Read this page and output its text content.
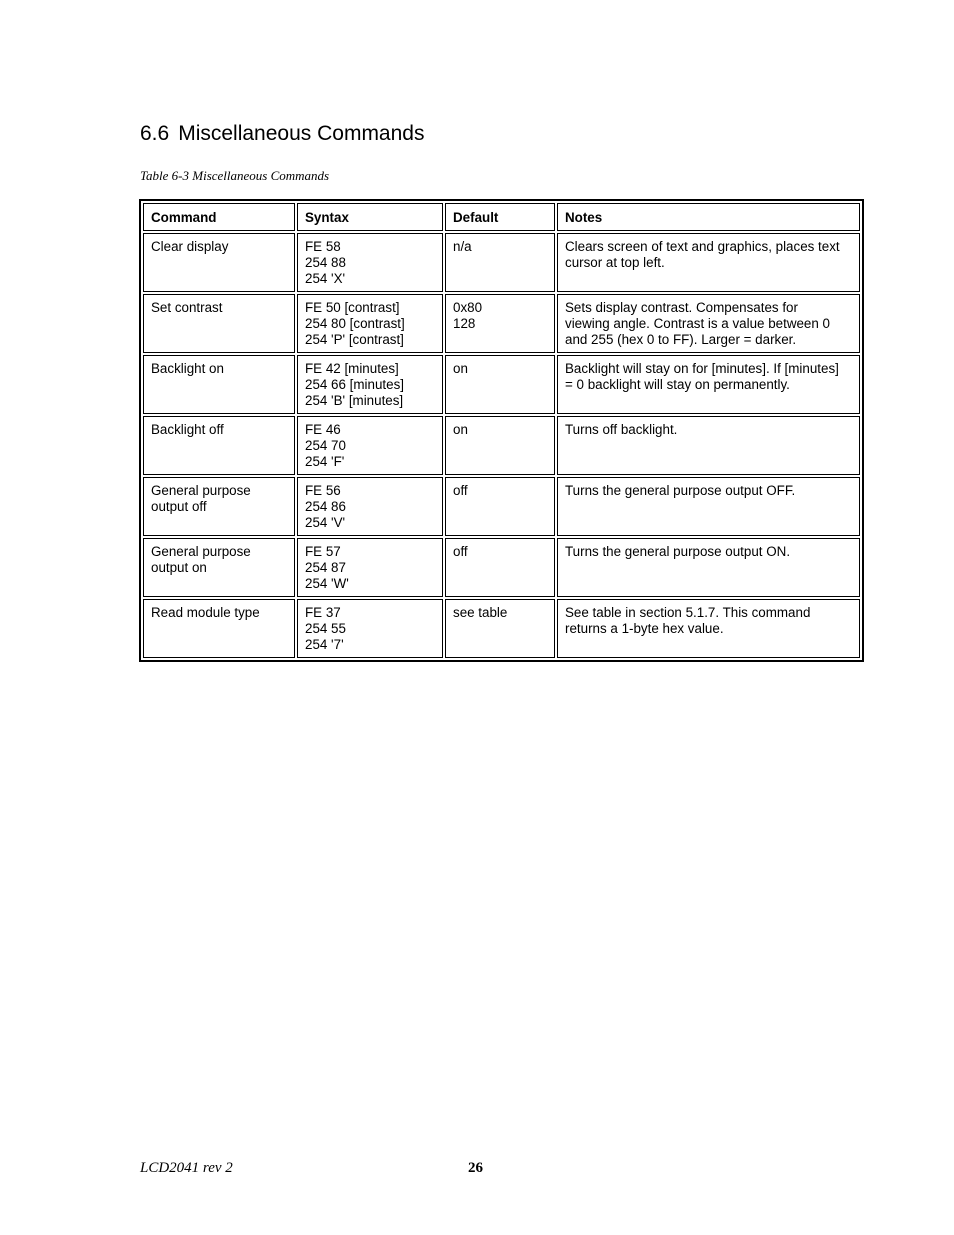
6.6 Miscellaneous Commands
Table 6-3 Miscellaneous Commands
Command	Syntax	Default	Notes

Clear display	FE 58
254 88
254 'X'	n/a	Clears screen of text and graphics, places text
cursor at top left.

Set contrast	FE 50 [contrast]
254 80 [contrast]
254 'P' [contrast]	0x80
128	Sets display contrast. Compensates for
viewing angle. Contrast is a value between 0
and 255 (hex 0 to FF). Larger = darker.

Backlight on	FE 42 [minutes]
254 66 [minutes]
254 'B' [minutes]	on	Backlight will stay on for [minutes]. If [minutes]
= 0 backlight will stay on permanently.

Backlight off	FE 46
254 70
254 'F'	on	Turns off backlight.

General purpose
output off	FE 56
254 86
254 'V'	off	Turns the general purpose output OFF.

General purpose
output on	FE 57
254 87
254 'W'	off	Turns the general purpose output ON.

Read module type	FE 37
254 55
254 '7'	see table	See table in section 5.1.7. This command
returns a 1-byte hex value.
LCD2041 rev 2	26
